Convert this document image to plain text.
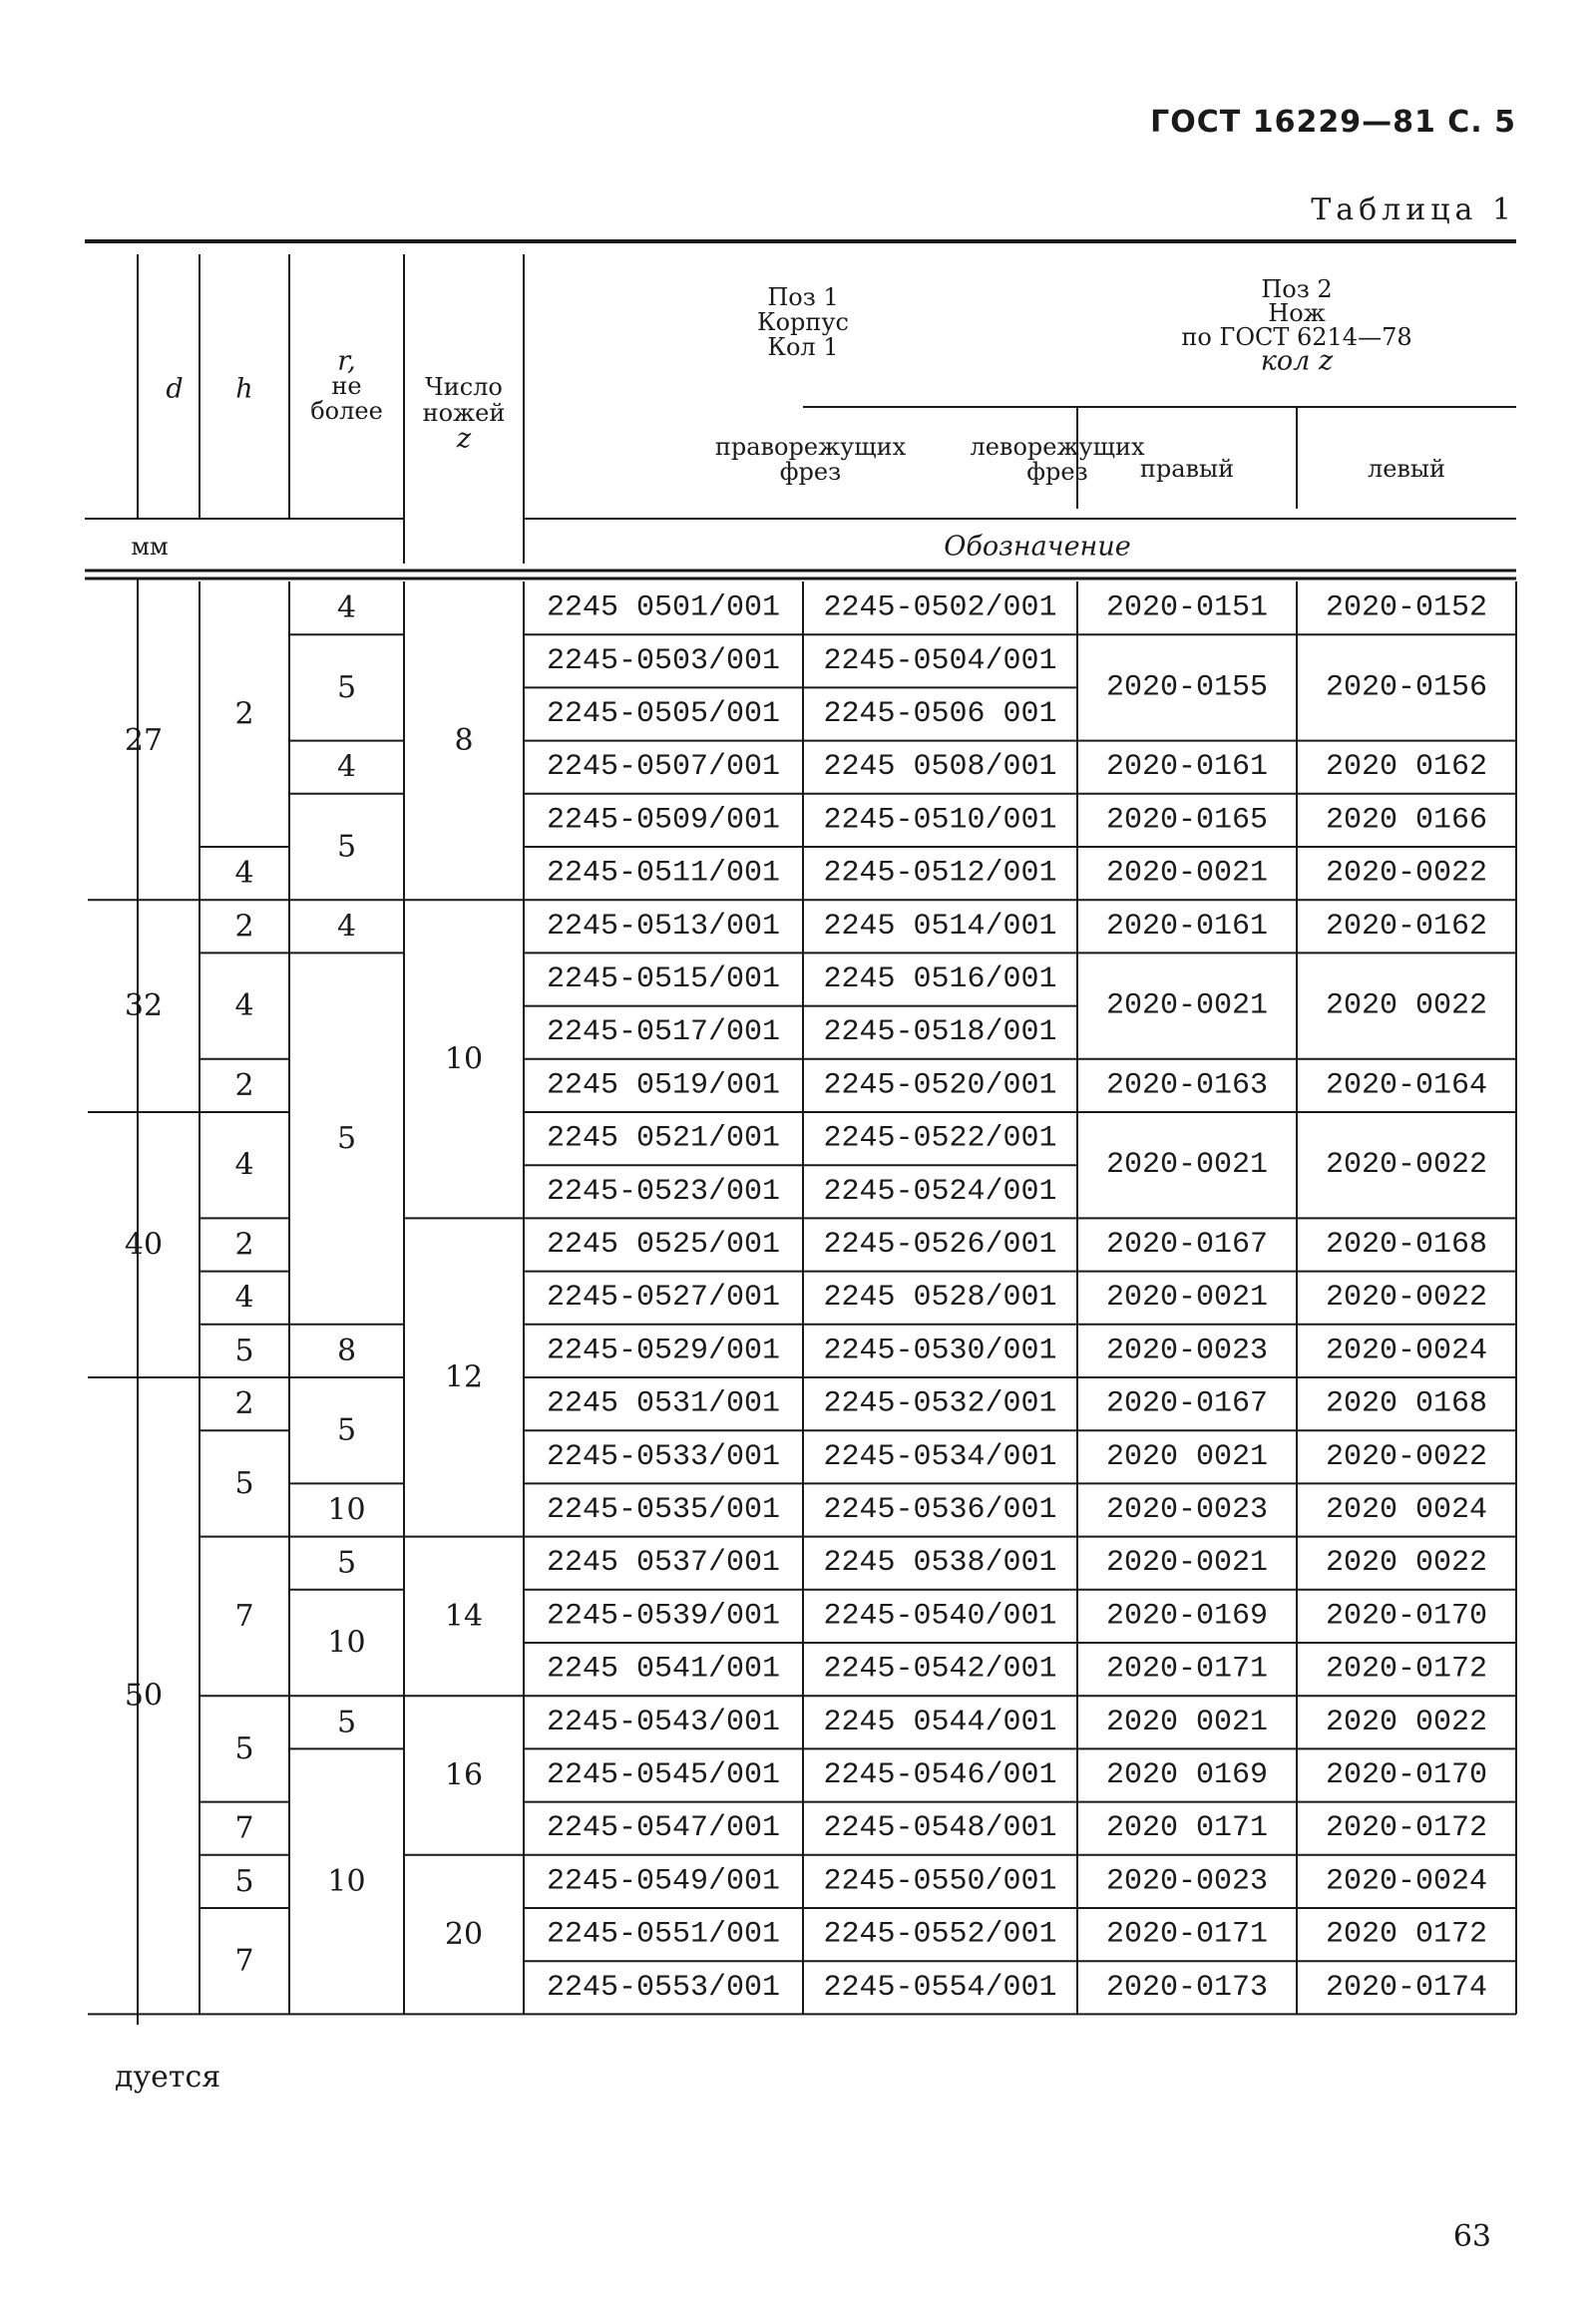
ГОСТ 16229—81 С. 5
Таблица 1
d h
r,
не
более
Число
ножей
z
Поз 1
Корпус
Кол 1
праворежущих
фрез
леворежущих
фрез
Поз 2
Нож
по ГОСТ 6214—78
кол z
правый	левый
мм	Обозначение
27
32
40
50
2
4
2
4
2
4
2
4
5
2
5
7
5
7
5
7
4
5
4
5
4
5
8
5
10
5
10
5
10
8
10
12
14
16
20
2245 0501/001 2245-0502/001
2245-0503/001 2245-0504/001
2245-0505/001 2245-0506 001
2245-0507/001 2245 0508/001
2245-0509/001 2245-0510/001
2245-0511/001 2245-0512/001
2245-0513/001 2245 0514/001
2245-0515/001 2245 0516/001
2245-0517/001 2245-0518/001
2245 0519/001 2245-0520/001
2245 0521/001 2245-0522/001
2245-0523/001 2245-0524/001
2245 0525/001 2245-0526/001
2245-0527/001 2245 0528/001
2245-0529/001 2245-0530/001
2245 0531/001 2245-0532/001
2245-0533/001 2245-0534/001
2245-0535/001 2245-0536/001
2245 0537/001 2245 0538/001
2245-0539/001 2245-0540/001
2245 0541/001 2245-0542/001
2245-0543/001 2245 0544/001
2245-0545/001 2245-0546/001
2245-0547/001 2245-0548/001
2245-0549/001 2245-0550/001
2245-0551/001 2245-0552/001
2245-0553/001 2245-0554/001
2020-0151 2020-0152
2020-0155 2020-0156
2020-0161 2020 0162
2020-0165 2020 0166
2020-0021 2020-0022
2020-0161 2020-0162
2020-0021 2020 0022
2020-0163 2020-0164
2020-0021 2020-0022
2020-0167 2020-0168
2020-0021 2020-0022
2020-0023 2020-0024
2020-0167 2020 0168
2020 0021 2020-0022
2020-0023 2020 0024
2020-0021 2020 0022
2020-0169 2020-0170
2020-0171 2020-0172
2020 0021 2020 0022
2020 0169 2020-0170
2020 0171 2020-0172
2020-0023 2020-0024
2020-0171 2020 0172
2020-0173 2020-0174
дуется
63
